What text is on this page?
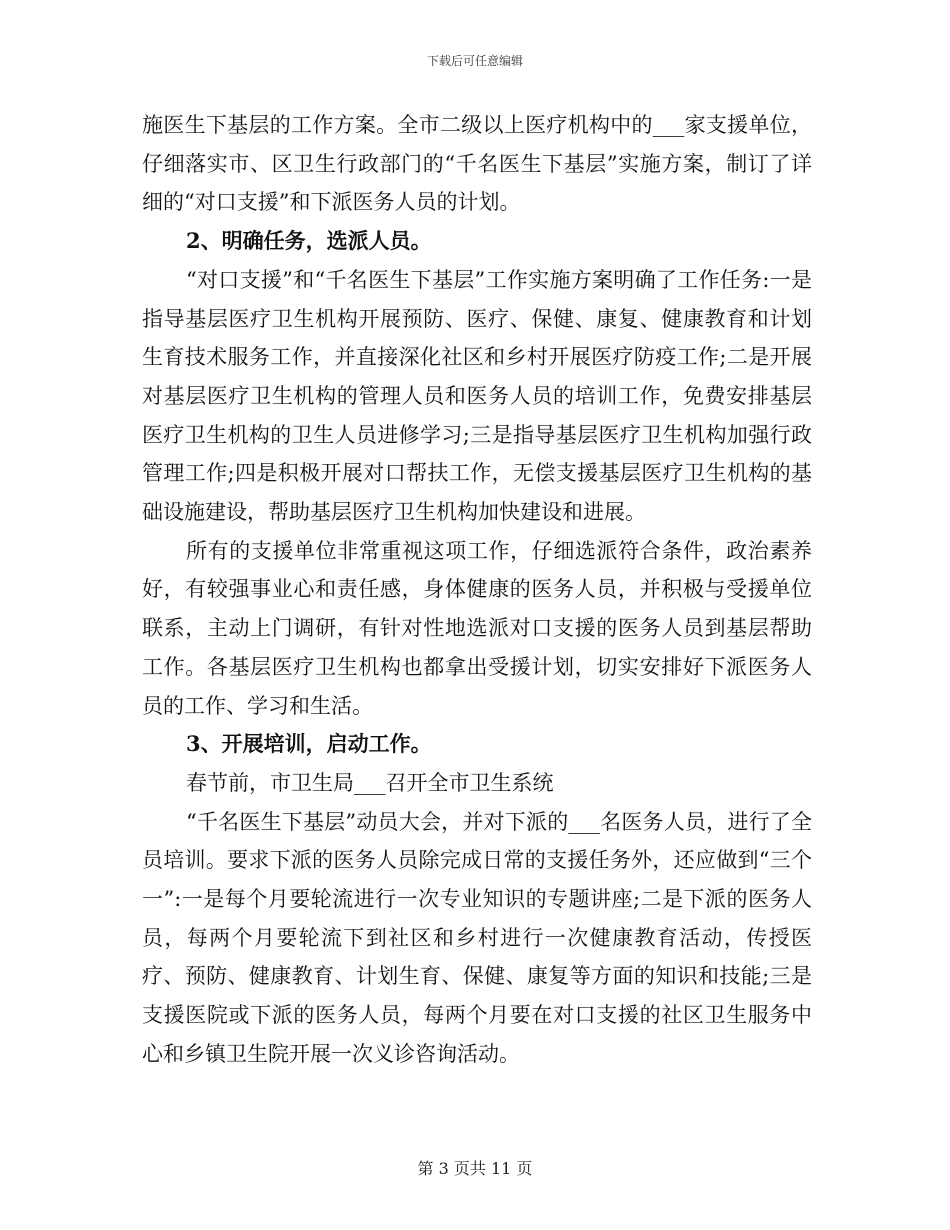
下载后可任意编辑

施医生下基层的工作方案。全市二级以上医疗机构中的___家支援单位，仔细落实市、区卫生行政部门的“千名医生下基层”实施方案，制订了详细的“对口支援”和下派医务人员的计划。

2、明确任务，选派人员。

“对口支援”和“千名医生下基层”工作实施方案明确了工作任务:一是指导基层医疗卫生机构开展预防、医疗、保健、康复、健康教育和计划生育技术服务工作，并直接深化社区和乡村开展医疗防疫工作;二是开展对基层医疗卫生机构的管理人员和医务人员的培训工作，免费安排基层医疗卫生机构的卫生人员进修学习;三是指导基层医疗卫生机构加强行政管理工作;四是积极开展对口帮扶工作，无偿支援基层医疗卫生机构的基础设施建设，帮助基层医疗卫生机构加快建设和进展。

所有的支援单位非常重视这项工作，仔细选派符合条件，政治素养好，有较强事业心和责任感，身体健康的医务人员，并积极与受援单位联系，主动上门调研，有针对性地选派对口支援的医务人员到基层帮助工作。各基层医疗卫生机构也都拿出受援计划，切实安排好下派医务人员的工作、学习和生活。

3、开展培训，启动工作。

春节前，市卫生局___召开全市卫生系统

“千名医生下基层”动员大会，并对下派的___名医务人员，进行了全员培训。要求下派的医务人员除完成日常的支援任务外，还应做到“三个一”:一是每个月要轮流进行一次专业知识的专题讲座;二是下派的医务人员，每两个月要轮流下到社区和乡村进行一次健康教育活动，传授医疗、预防、健康教育、计划生育、保健、康复等方面的知识和技能;三是支援医院或下派的医务人员，每两个月要在对口支援的社区卫生服务中心和乡镇卫生院开展一次义诊咨询活动。

第 3 页共 11 页
